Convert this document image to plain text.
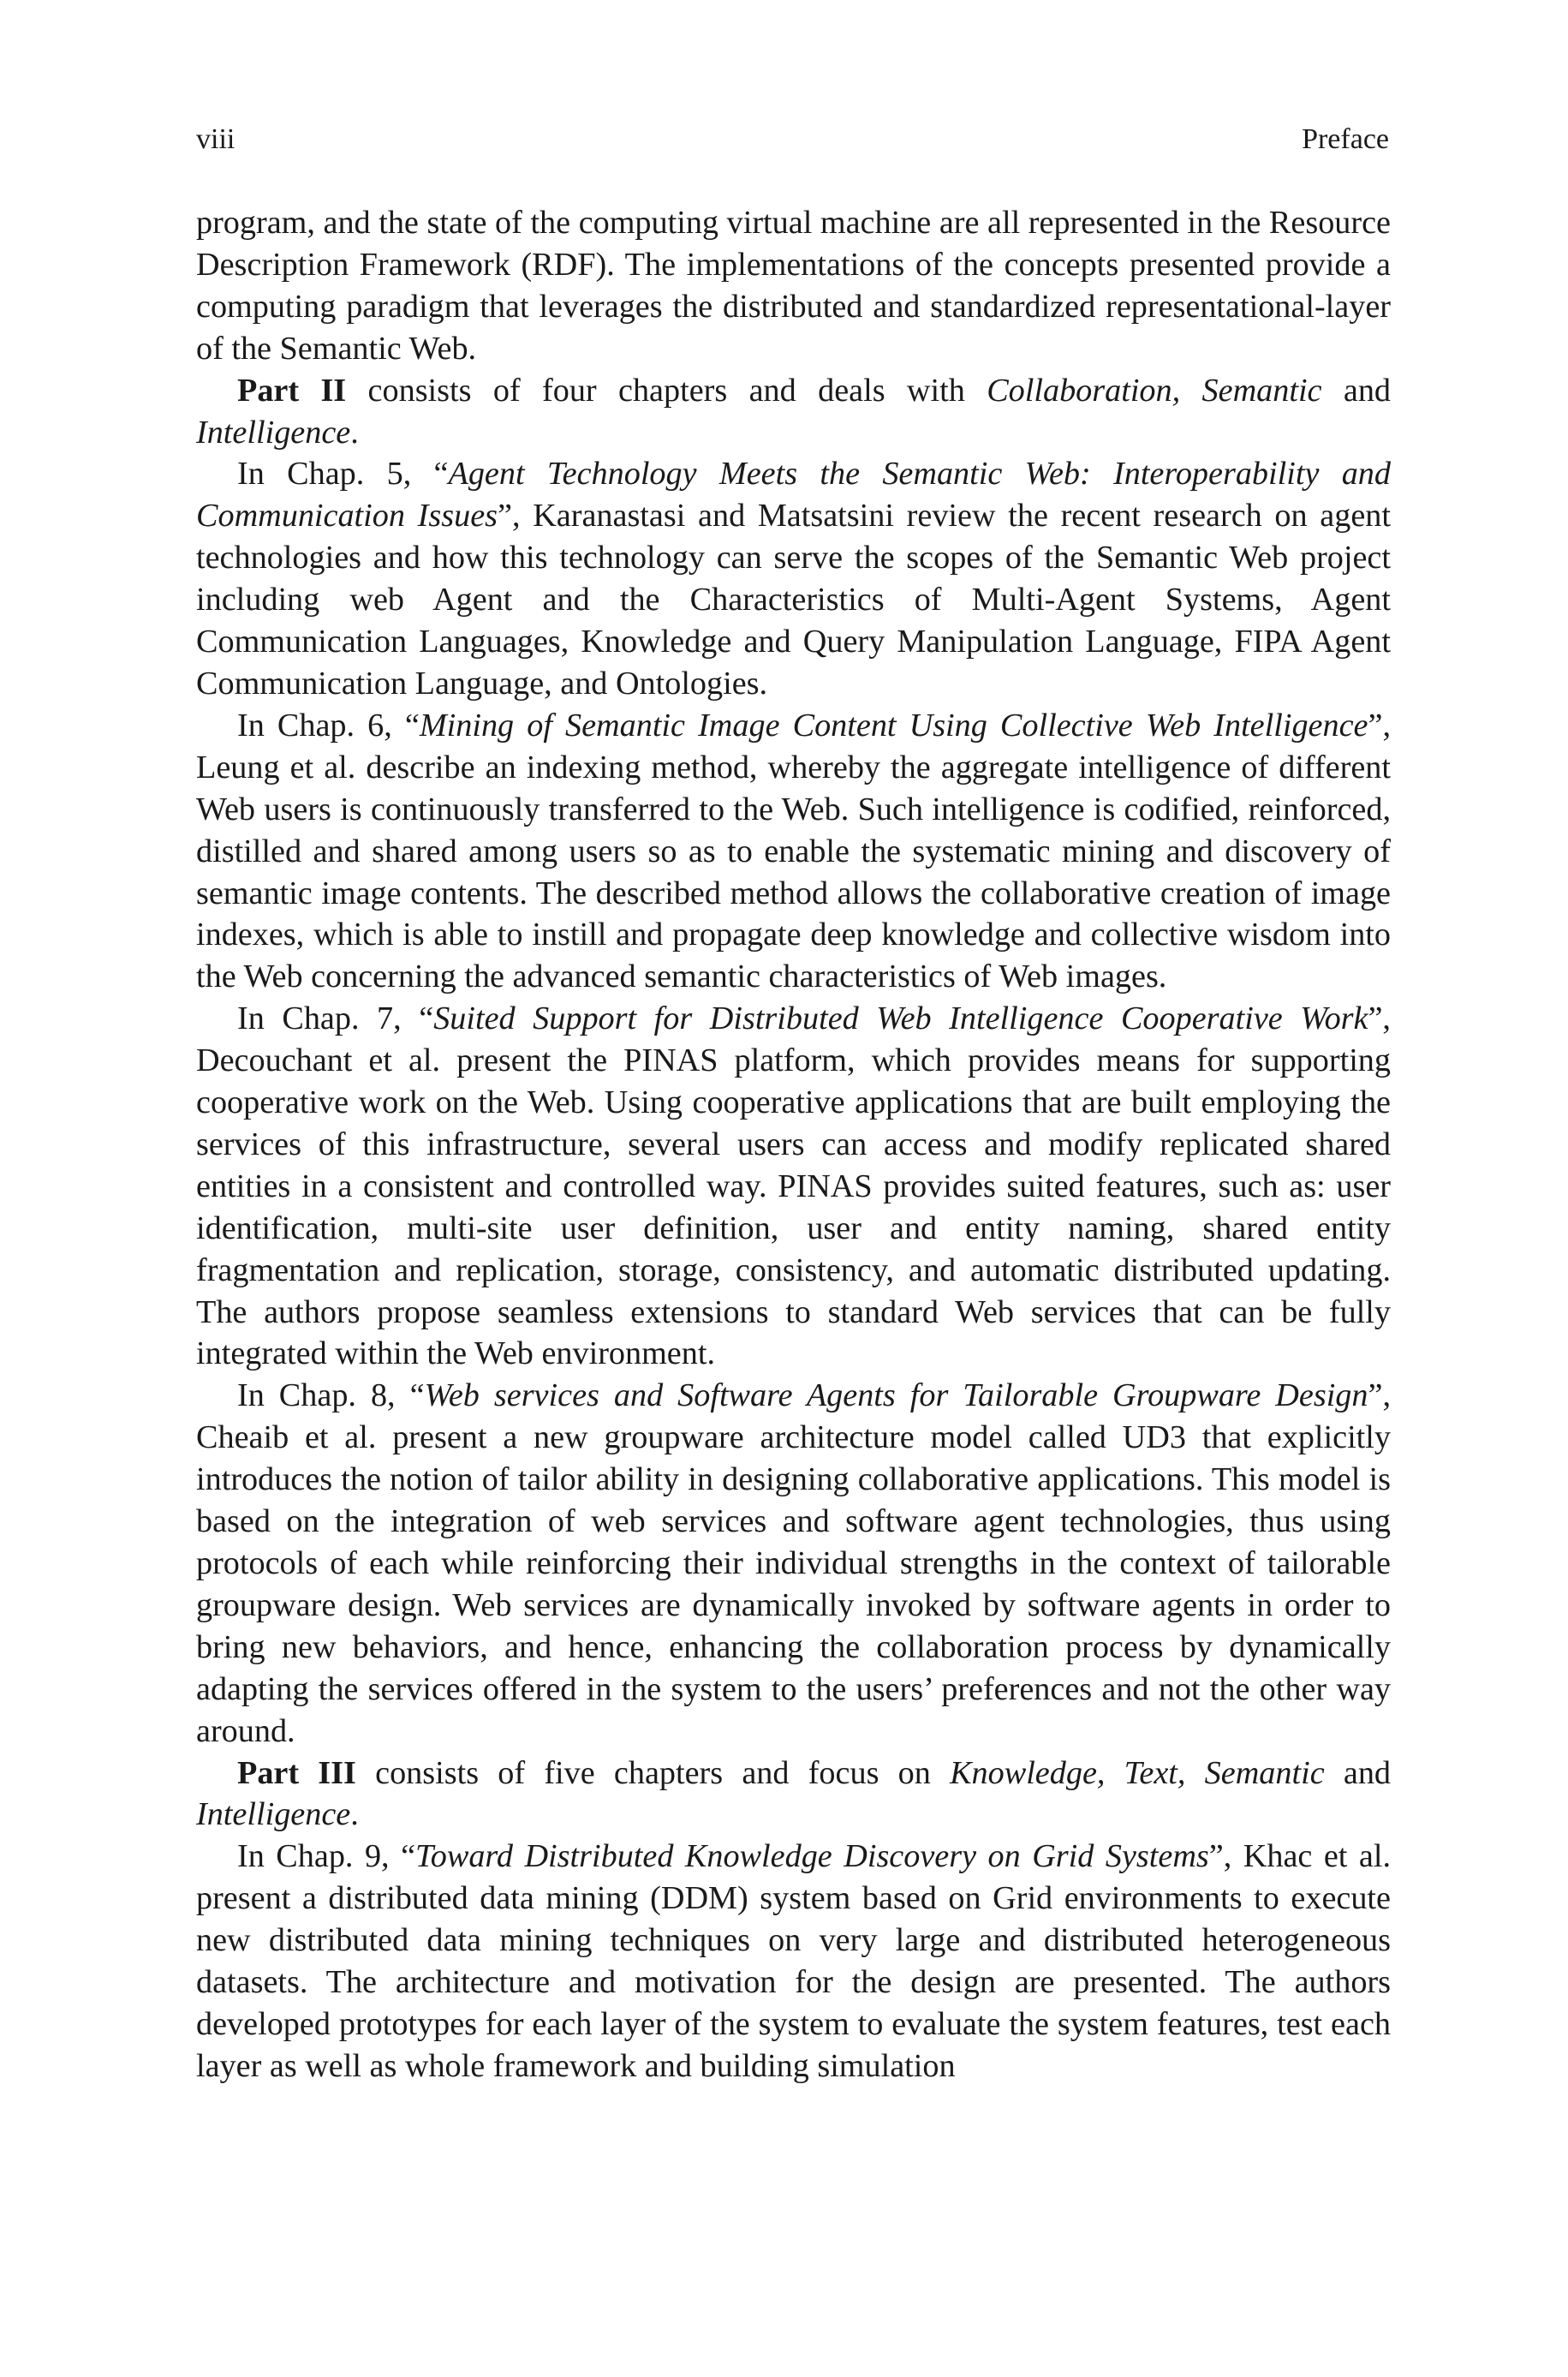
viii	Preface

program, and the state of the computing virtual machine are all represented in the Resource Description Framework (RDF). The implementations of the concepts presented provide a computing paradigm that leverages the distributed and standardized representational-layer of the Semantic Web.

Part II consists of four chapters and deals with Collaboration, Semantic and Intelligence.

In Chap. 5, “Agent Technology Meets the Semantic Web: Interoperability and Communication Issues”, Karanastasi and Matsatsini review the recent research on agent technologies and how this technology can serve the scopes of the Semantic Web project including web Agent and the Characteristics of Multi-Agent Systems, Agent Communication Languages, Knowledge and Query Manipulation Language, FIPA Agent Communication Language, and Ontologies.

In Chap. 6, “Mining of Semantic Image Content Using Collective Web Intelligence”, Leung et al. describe an indexing method, whereby the aggregate intelligence of different Web users is continuously transferred to the Web. Such intelligence is codified, reinforced, distilled and shared among users so as to enable the systematic mining and discovery of semantic image contents. The described method allows the collaborative creation of image indexes, which is able to instill and propagate deep knowledge and collective wisdom into the Web concerning the advanced semantic characteristics of Web images.

In Chap. 7, “Suited Support for Distributed Web Intelligence Cooperative Work”, Decouchant et al. present the PINAS platform, which provides means for supporting cooperative work on the Web. Using cooperative applications that are built employing the services of this infrastructure, several users can access and modify replicated shared entities in a consistent and controlled way. PINAS provides suited features, such as: user identification, multi-site user definition, user and entity naming, shared entity fragmentation and replication, storage, consistency, and automatic distributed updating. The authors propose seamless extensions to standard Web services that can be fully integrated within the Web environment.

In Chap. 8, “Web services and Software Agents for Tailorable Groupware Design”, Cheaib et al. present a new groupware architecture model called UD3 that explicitly introduces the notion of tailor ability in designing collaborative applications. This model is based on the integration of web services and software agent technologies, thus using protocols of each while reinforcing their individual strengths in the context of tailorable groupware design. Web services are dynamically invoked by software agents in order to bring new behaviors, and hence, enhancing the collaboration process by dynamically adapting the services offered in the system to the users’ preferences and not the other way around.

Part III consists of five chapters and focus on Knowledge, Text, Semantic and Intelligence.

In Chap. 9, “Toward Distributed Knowledge Discovery on Grid Systems”, Khac et al. present a distributed data mining (DDM) system based on Grid environments to execute new distributed data mining techniques on very large and distributed heterogeneous datasets. The architecture and motivation for the design are presented. The authors developed prototypes for each layer of the system to evaluate the system features, test each layer as well as whole framework and building simulation
